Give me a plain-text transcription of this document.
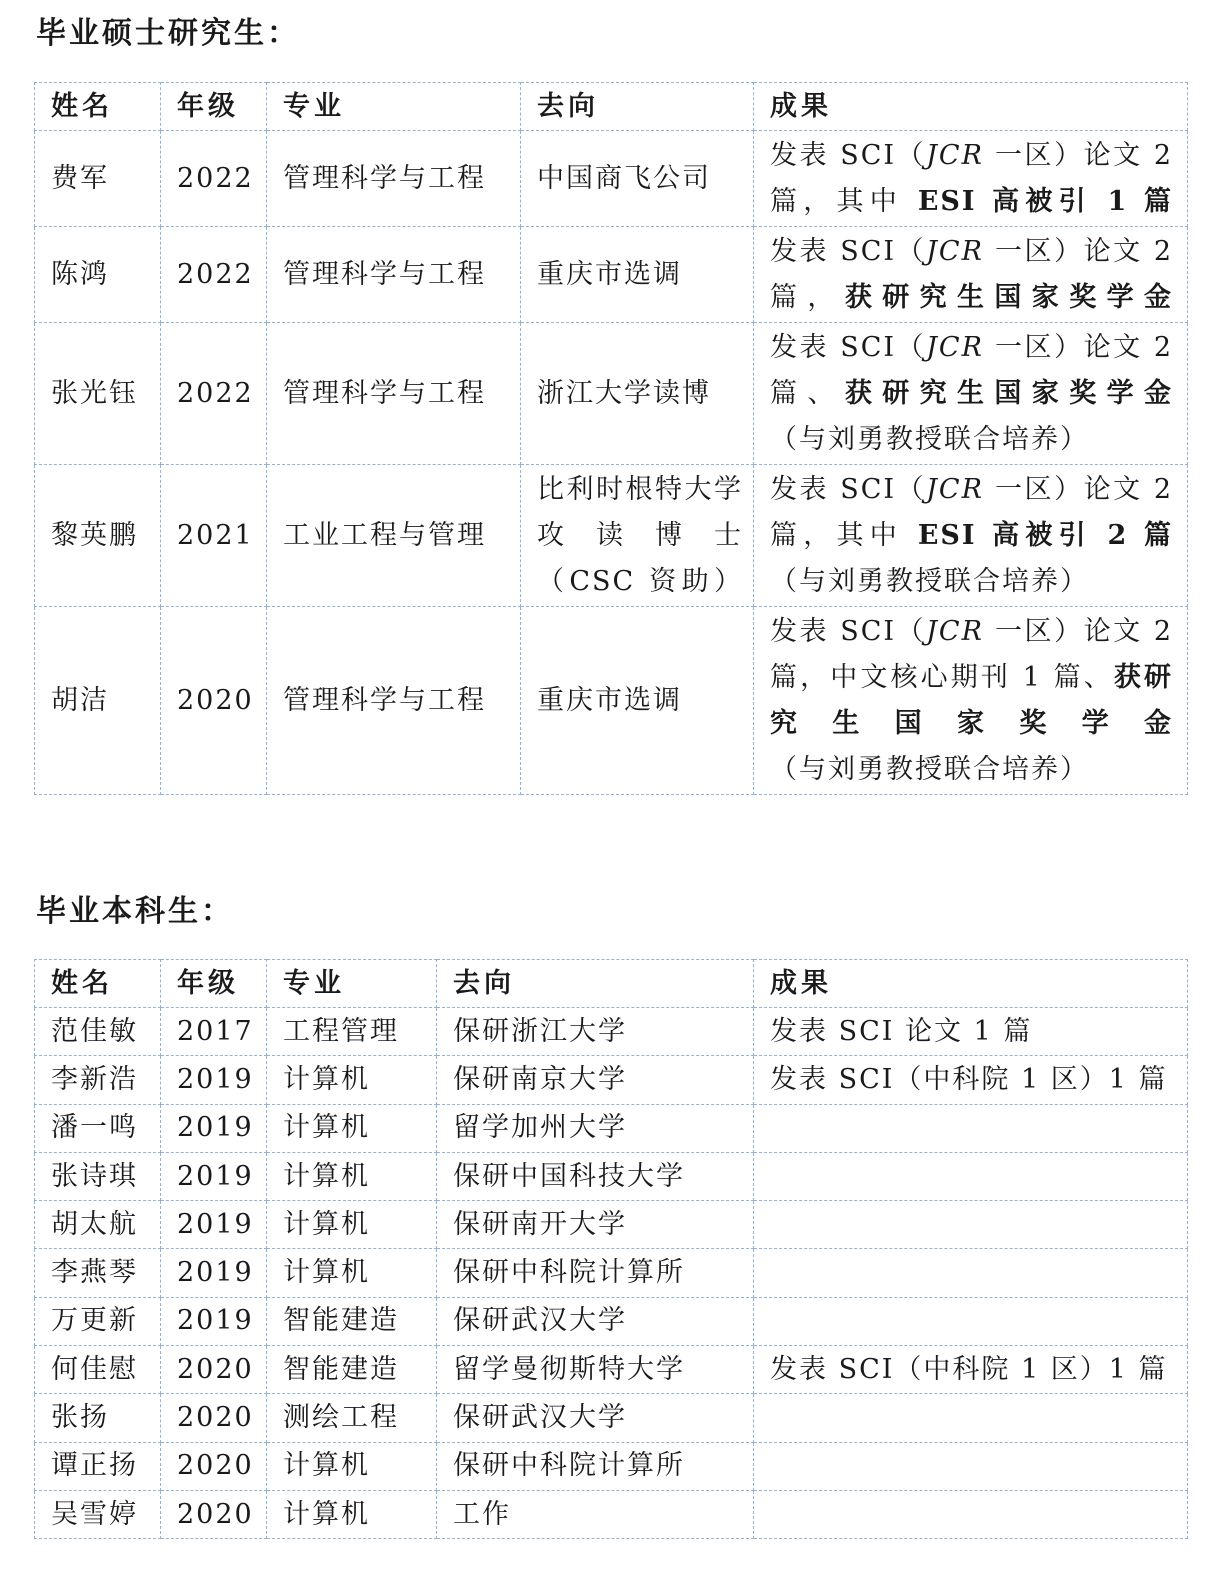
毕业硕士研究生：
姓名	年级	专业	去向	成果
费军	2022	管理科学与工程	中国商飞公司	发表 SCI（JCR 一区）论文 2 篇，其中 ESI 高被引 1 篇
陈鸿	2022	管理科学与工程	重庆市选调	发表 SCI（JCR 一区）论文 2 篇，获研究生国家奖学金
张光钰	2022	管理科学与工程	浙江大学读博	发表 SCI（JCR 一区）论文 2 篇、获研究生国家奖学金
（与刘勇教授联合培养）

黎英鹏	2021	工业工程与管理	比利时根特大学攻读博士（CSC 资助）	发表 SCI（JCR 一区）论文 2 篇，其中 ESI 高被引 2 篇
（与刘勇教授联合培养）

胡洁	2020	管理科学与工程	重庆市选调	发表 SCI（JCR 一区）论文 2 篇，中文核心期刊 1 篇、获研究生国家奖学金
（与刘勇教授联合培养）
毕业本科生：
姓名	年级	专业	去向	成果
范佳敏	2017	工程管理	保研浙江大学	发表 SCI 论文 1 篇
李新浩	2019	计算机	保研南京大学	发表 SCI（中科院 1 区）1 篇
潘一鸣	2019	计算机	留学加州大学	
张诗琪	2019	计算机	保研中国科技大学	
胡太航	2019	计算机	保研南开大学	
李燕琴	2019	计算机	保研中科院计算所	
万更新	2019	智能建造	保研武汉大学	
何佳慰	2020	智能建造	留学曼彻斯特大学	发表 SCI（中科院 1 区）1 篇
张扬	2020	测绘工程	保研武汉大学	
谭正扬	2020	计算机	保研中科院计算所	
吴雪婷	2020	计算机	工作	
